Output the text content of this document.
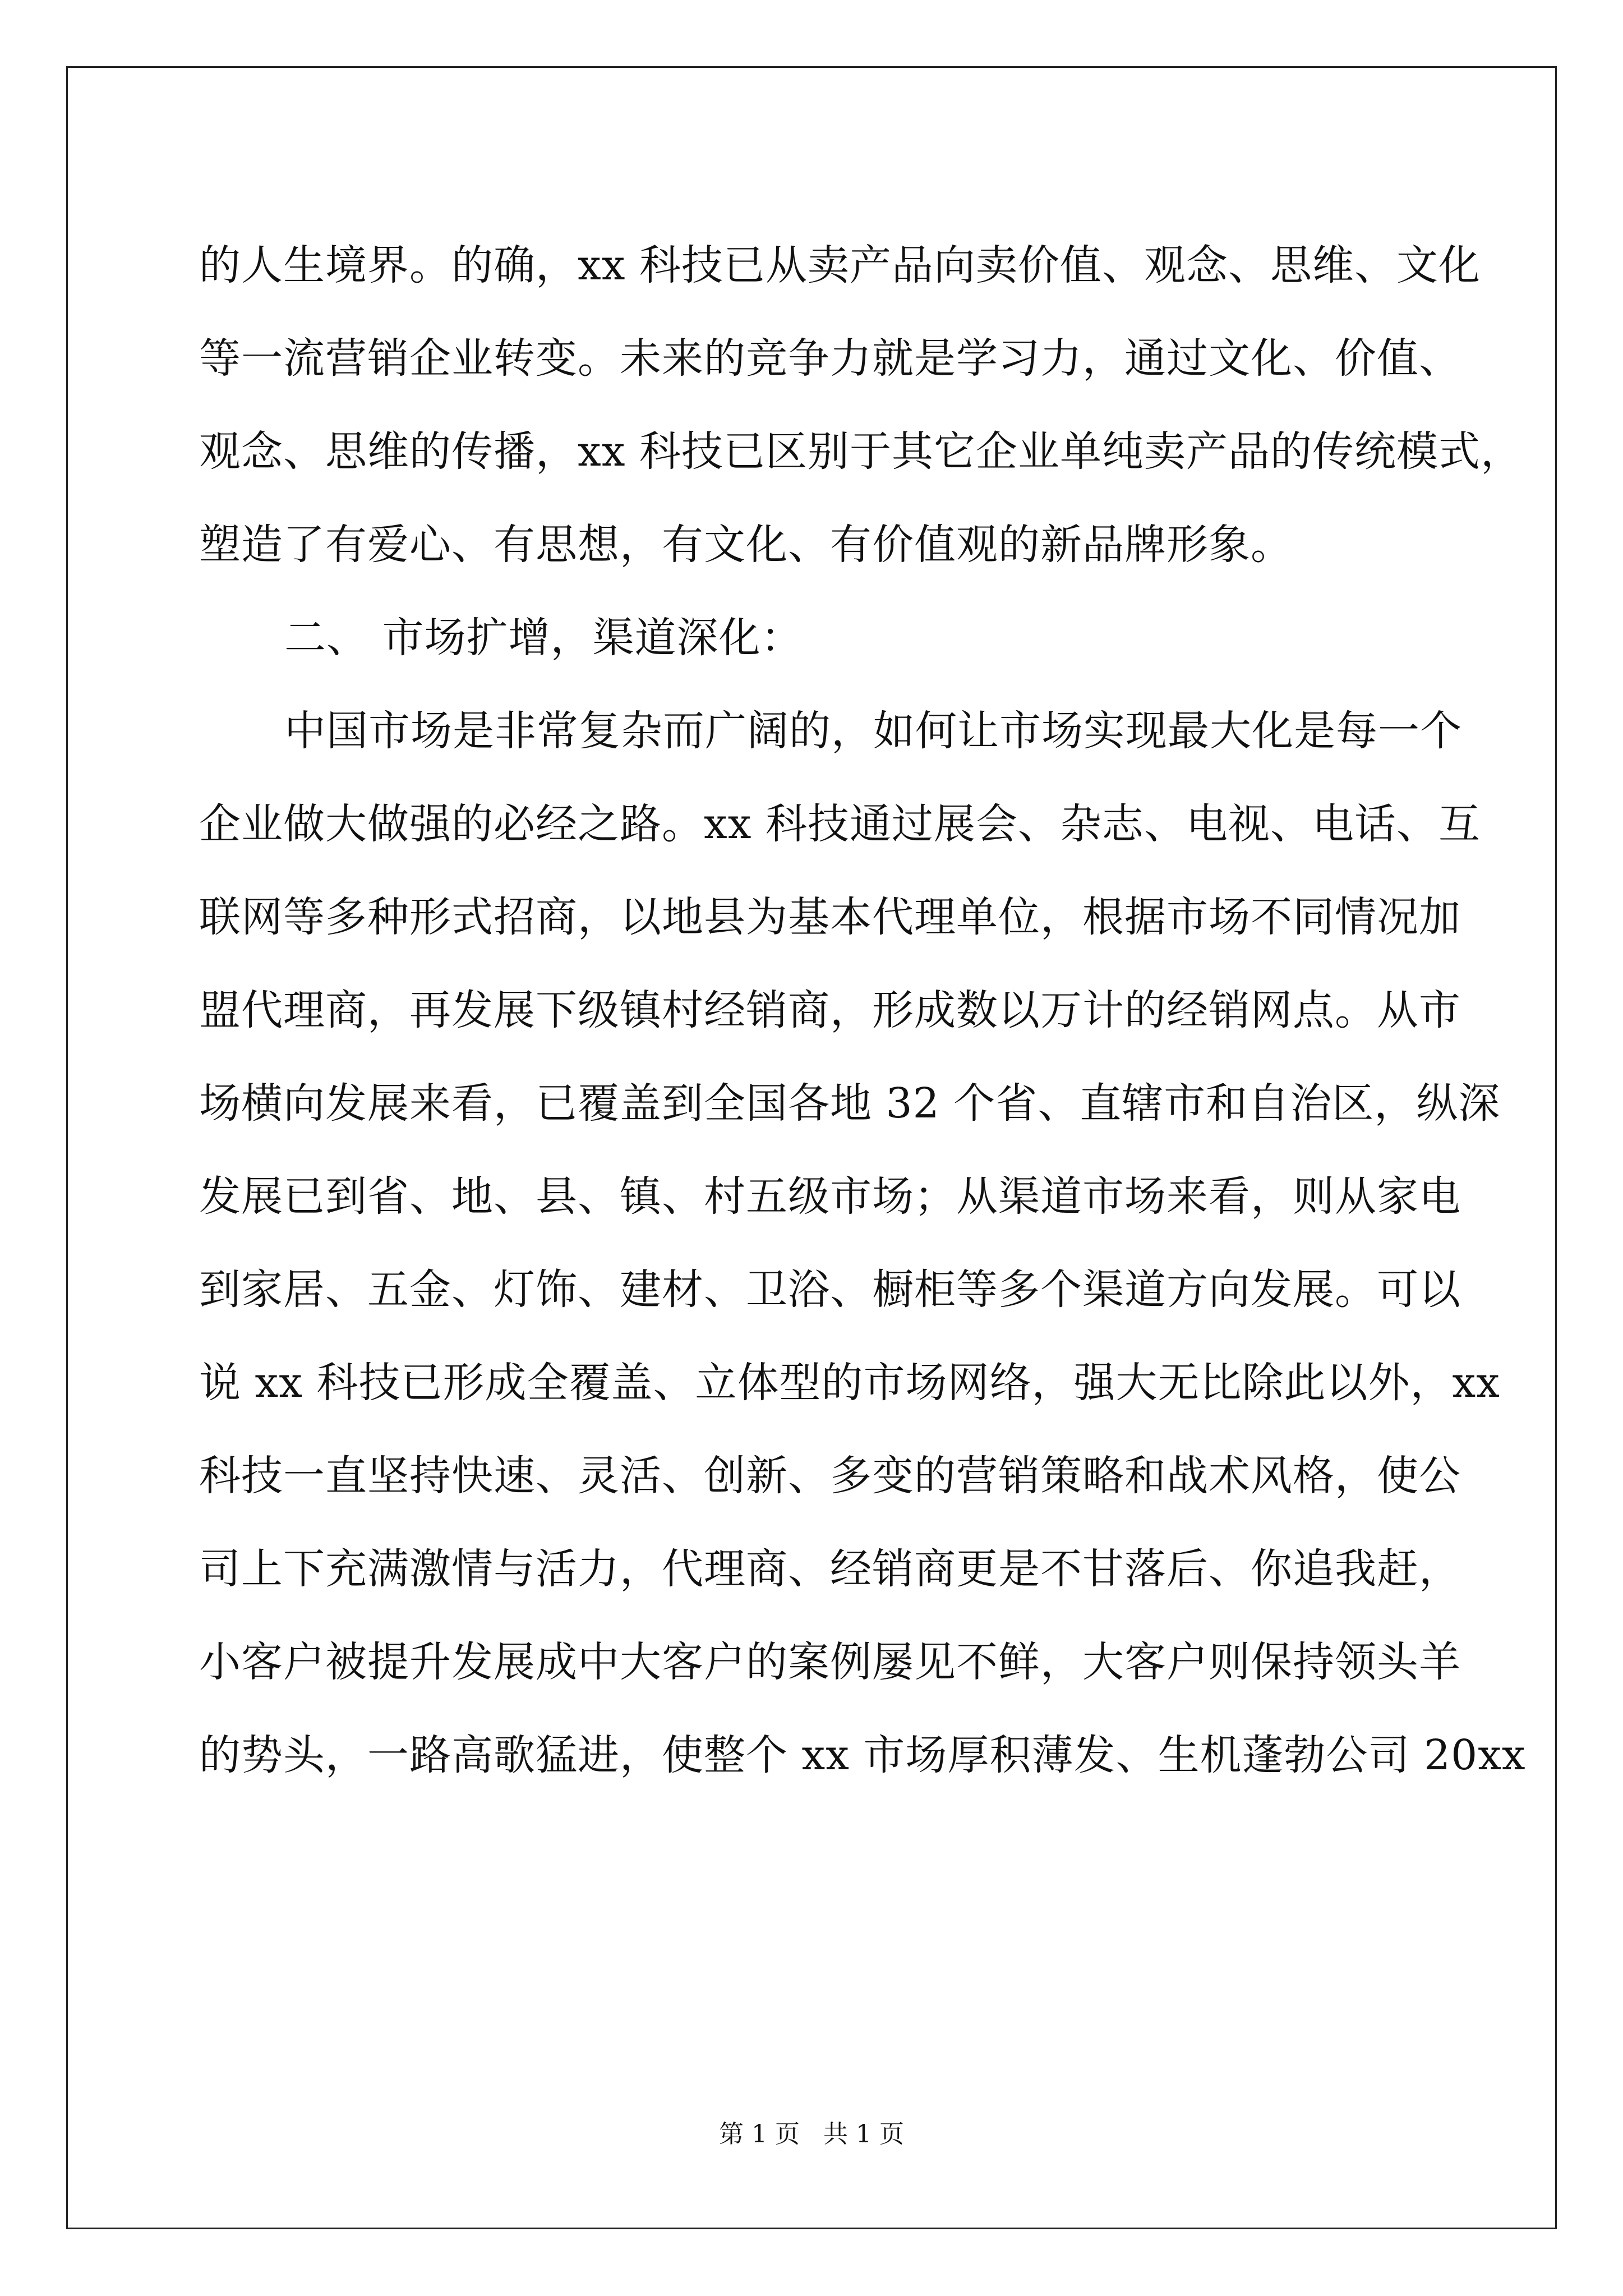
的人生境界。的确，xx 科技已从卖产品向卖价值、观念、思维、文化
等一流营销企业转变。未来的竞争力就是学习力，通过文化、价值、
观念、思维的传播，xx 科技已区别于其它企业单纯卖产品的传统模式，
塑造了有爱心、有思想，有文化、有价值观的新品牌形象。
二、 市场扩增，渠道深化：
中国市场是非常复杂而广阔的，如何让市场实现最大化是每一个
企业做大做强的必经之路。xx 科技通过展会、杂志、电视、电话、互
联网等多种形式招商，以地县为基本代理单位，根据市场不同情况加
盟代理商，再发展下级镇村经销商，形成数以万计的经销网点。从市
场横向发展来看，已覆盖到全国各地 32 个省、直辖市和自治区，纵深
发展已到省、地、县、镇、村五级市场；从渠道市场来看，则从家电
到家居、五金、灯饰、建材、卫浴、橱柜等多个渠道方向发展。可以
说 xx 科技已形成全覆盖、立体型的市场网络，强大无比除此以外，xx
科技一直坚持快速、灵活、创新、多变的营销策略和战术风格，使公
司上下充满激情与活力，代理商、经销商更是不甘落后、你追我赶，
小客户被提升发展成中大客户的案例屡见不鲜，大客户则保持领头羊
的势头，一路高歌猛进，使整个 xx 市场厚积薄发、生机蓬勃公司 20xx
第 1 页   共 1 页
